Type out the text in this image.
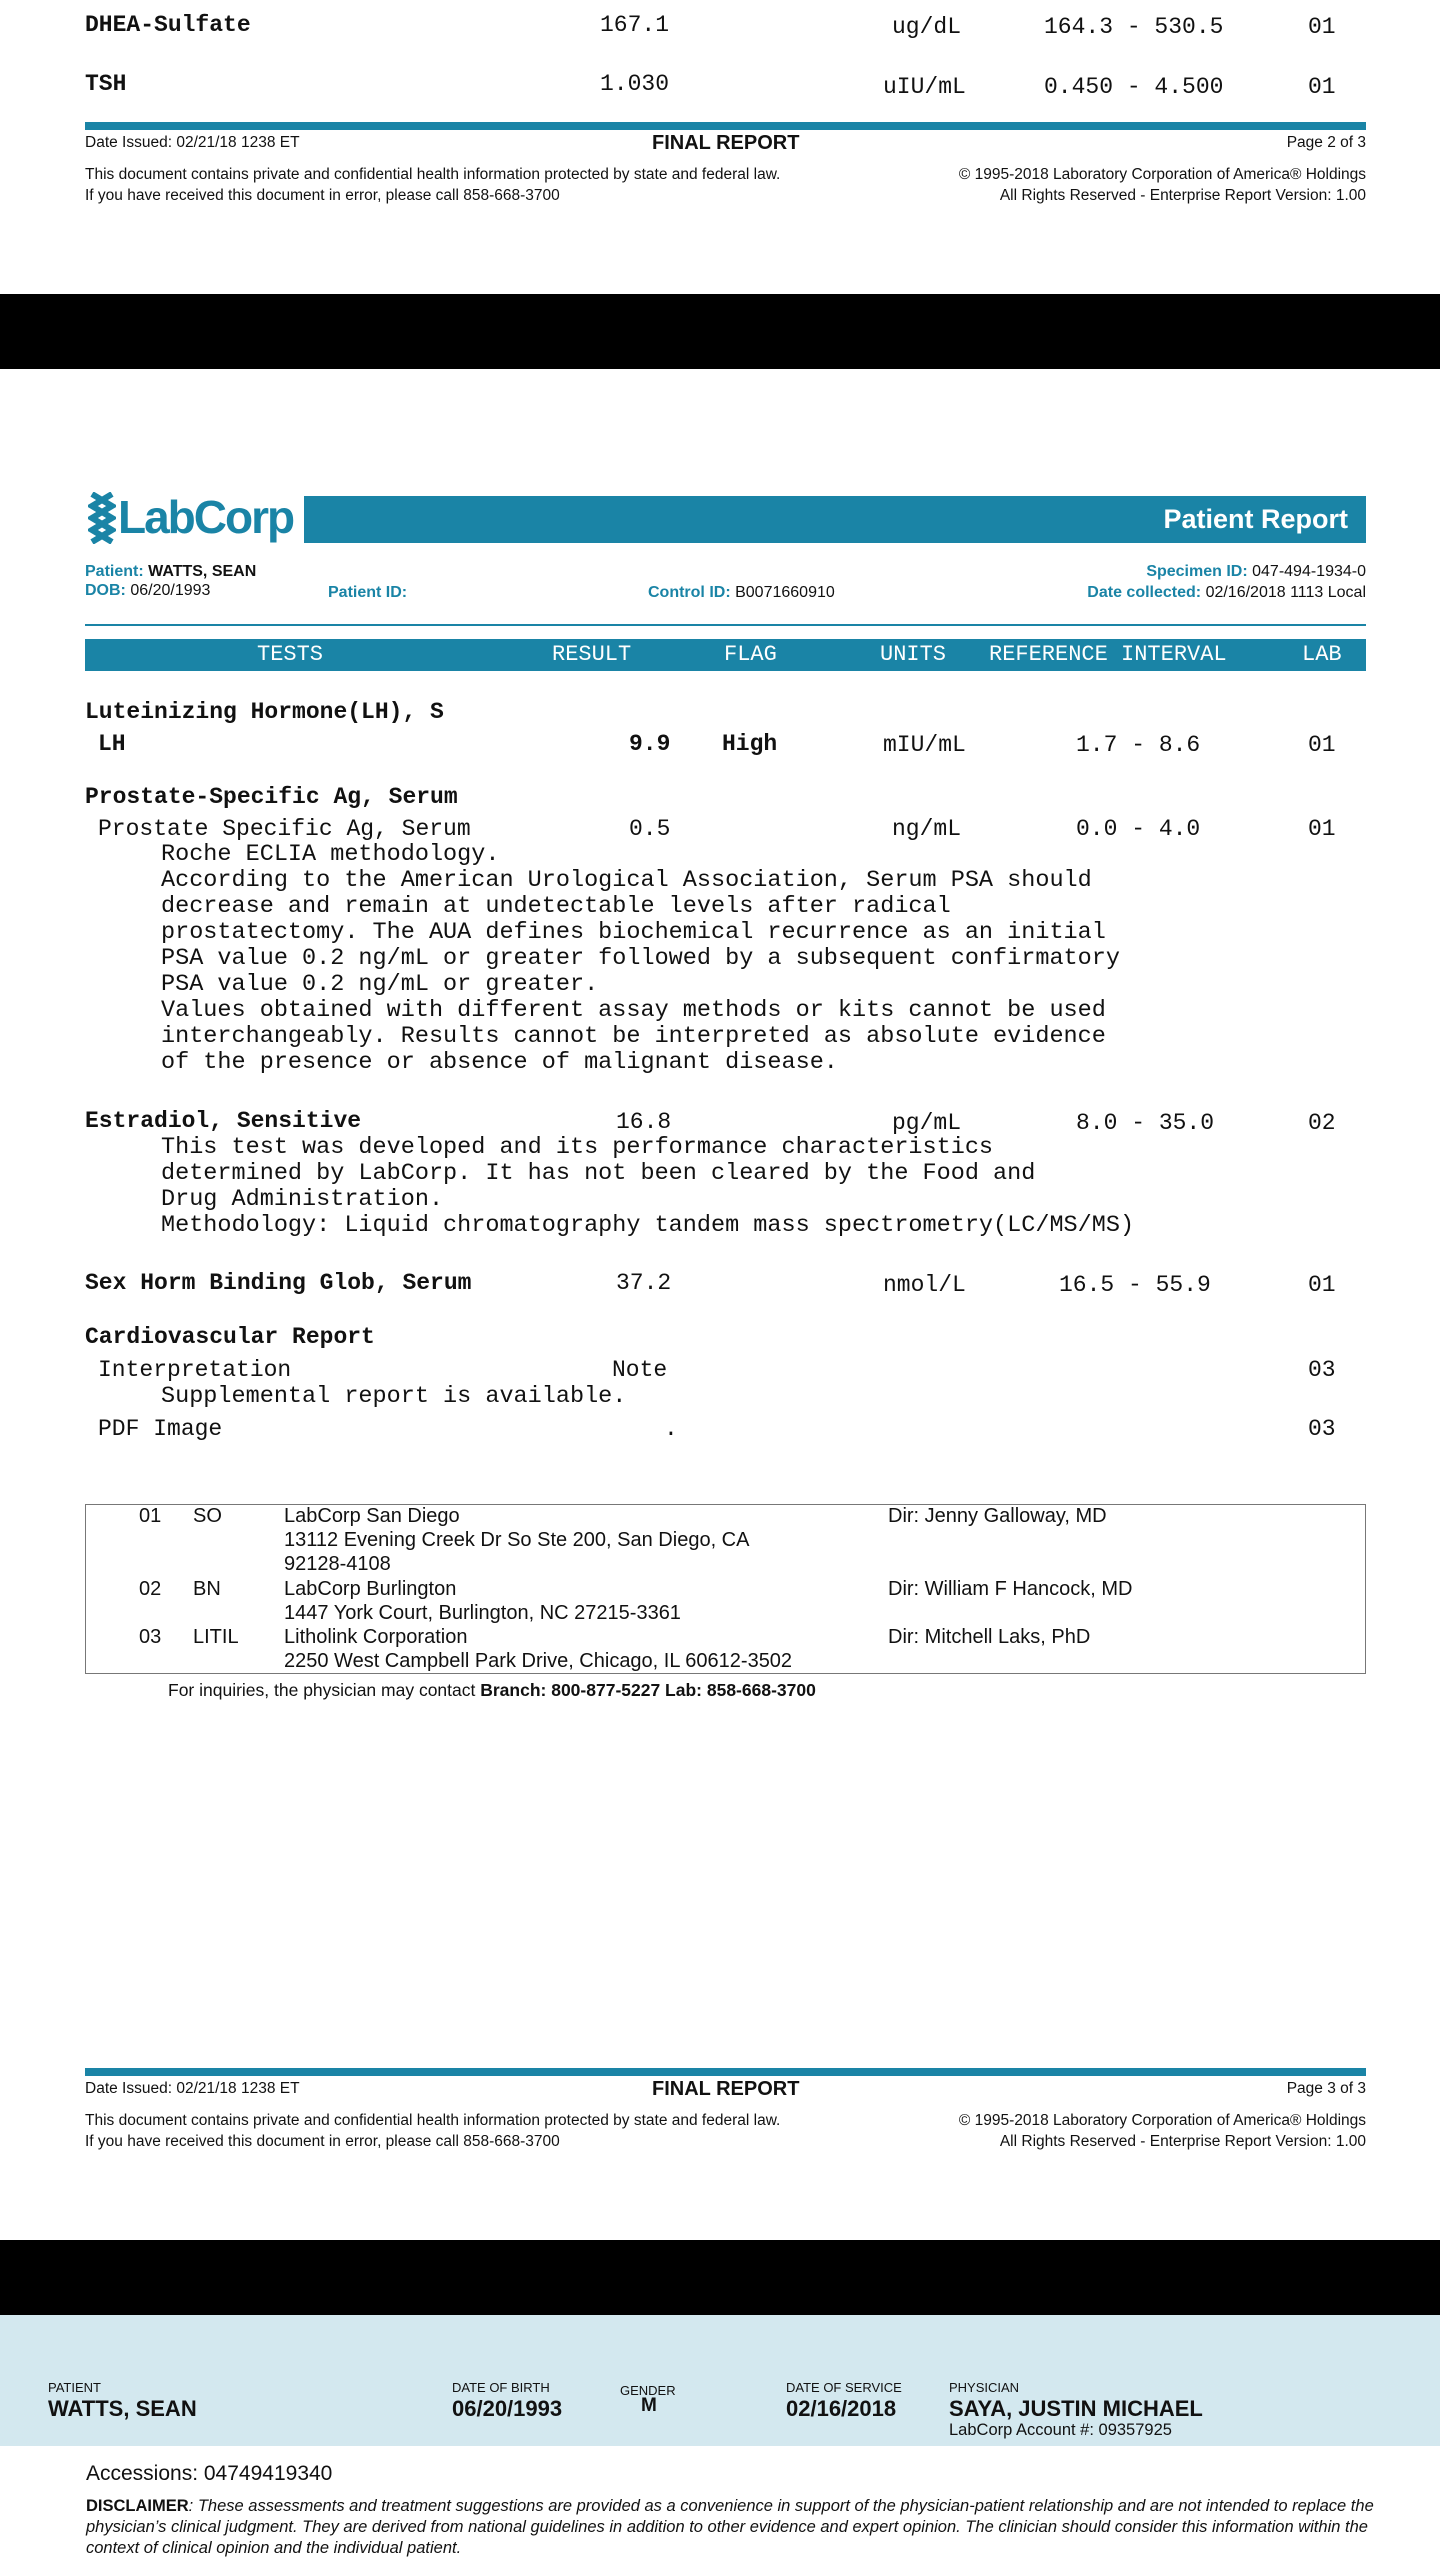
DHEA-Sulfate	167.1	ug/dL	164.3 - 530.5	01
TSH	1.030	uIU/mL	0.450 - 4.500	01
Date Issued: 02/21/18 1238 ET	FINAL REPORT	Page 2 of 3
This document contains private and confidential health information protected by state and federal law.
If you have received this document in error, please call 858-668-3700
© 1995-2018 Laboratory Corporation of America® Holdings
All Rights Reserved - Enterprise Report Version: 1.00
LabCorp	Patient Report
Patient: WATTS, SEAN
DOB: 06/20/1993	Patient ID:	Control ID: B0071660910
Specimen ID: 047-494-1934-0
Date collected: 02/16/2018 1113 Local
TESTS	RESULT	FLAG	UNITS REFERENCE INTERVAL	LAB
Luteinizing Hormone(LH), S
LH	9.9 High	mIU/mL	1.7 - 8.6	01
Prostate-Specific Ag, Serum
Prostate Specific Ag, Serum	0.5	ng/mL	0.0 - 4.0	01
Roche ECLIA methodology.
According to the American Urological Association, Serum PSA should
decrease and remain at undetectable levels after radical
prostatectomy. The AUA defines biochemical recurrence as an initial
PSA value 0.2 ng/mL or greater followed by a subsequent confirmatory
PSA value 0.2 ng/mL or greater.
Values obtained with different assay methods or kits cannot be used
interchangeably. Results cannot be interpreted as absolute evidence
of the presence or absence of malignant disease.
Estradiol, Sensitive	16.8	pg/mL	8.0 - 35.0	02
This test was developed and its performance characteristics
determined by LabCorp. It has not been cleared by the Food and
Drug Administration.
Methodology: Liquid chromatography tandem mass spectrometry(LC/MS/MS)
Sex Horm Binding Glob, Serum	37.2	nmol/L	16.5 - 55.9	01
Cardiovascular Report
Interpretation	Note	03
Supplemental report is available.
PDF Image	.	03
01 SO	LabCorp San Diego
13112 Evening Creek Dr So Ste 200, San Diego, CA
92128-4108
Dir: Jenny Galloway, MD
02 BN	LabCorp Burlington
1447 York Court, Burlington, NC 27215-3361
Dir: William F Hancock, MD
03 LITIL Litholink Corporation
2250 West Campbell Park Drive, Chicago, IL 60612-3502
Dir: Mitchell Laks, PhD
For inquiries, the physician may contact Branch: 800-877-5227 Lab: 858-668-3700
Date Issued: 02/21/18 1238 ET	FINAL REPORT	Page 3 of 3
This document contains private and confidential health information protected by state and federal law.
If you have received this document in error, please call 858-668-3700
© 1995-2018 Laboratory Corporation of America® Holdings
All Rights Reserved - Enterprise Report Version: 1.00
PATIENT
WATTS, SEAN
DATE OF BIRTH
06/20/1993
GENDER
M
DATE OF SERVICE
02/16/2018
PHYSICIAN
SAYA, JUSTIN MICHAEL
LabCorp Account #: 09357925
Accessions: 04749419340
DISCLAIMER: These assessments and treatment suggestions are provided as a convenience in support of the physician-patient relationship and are not intended to replace the physician’s clinical judgment. They are derived from national guidelines in addition to other evidence and expert opinion. The clinician should consider this information within the context of clinical opinion and the individual patient.
